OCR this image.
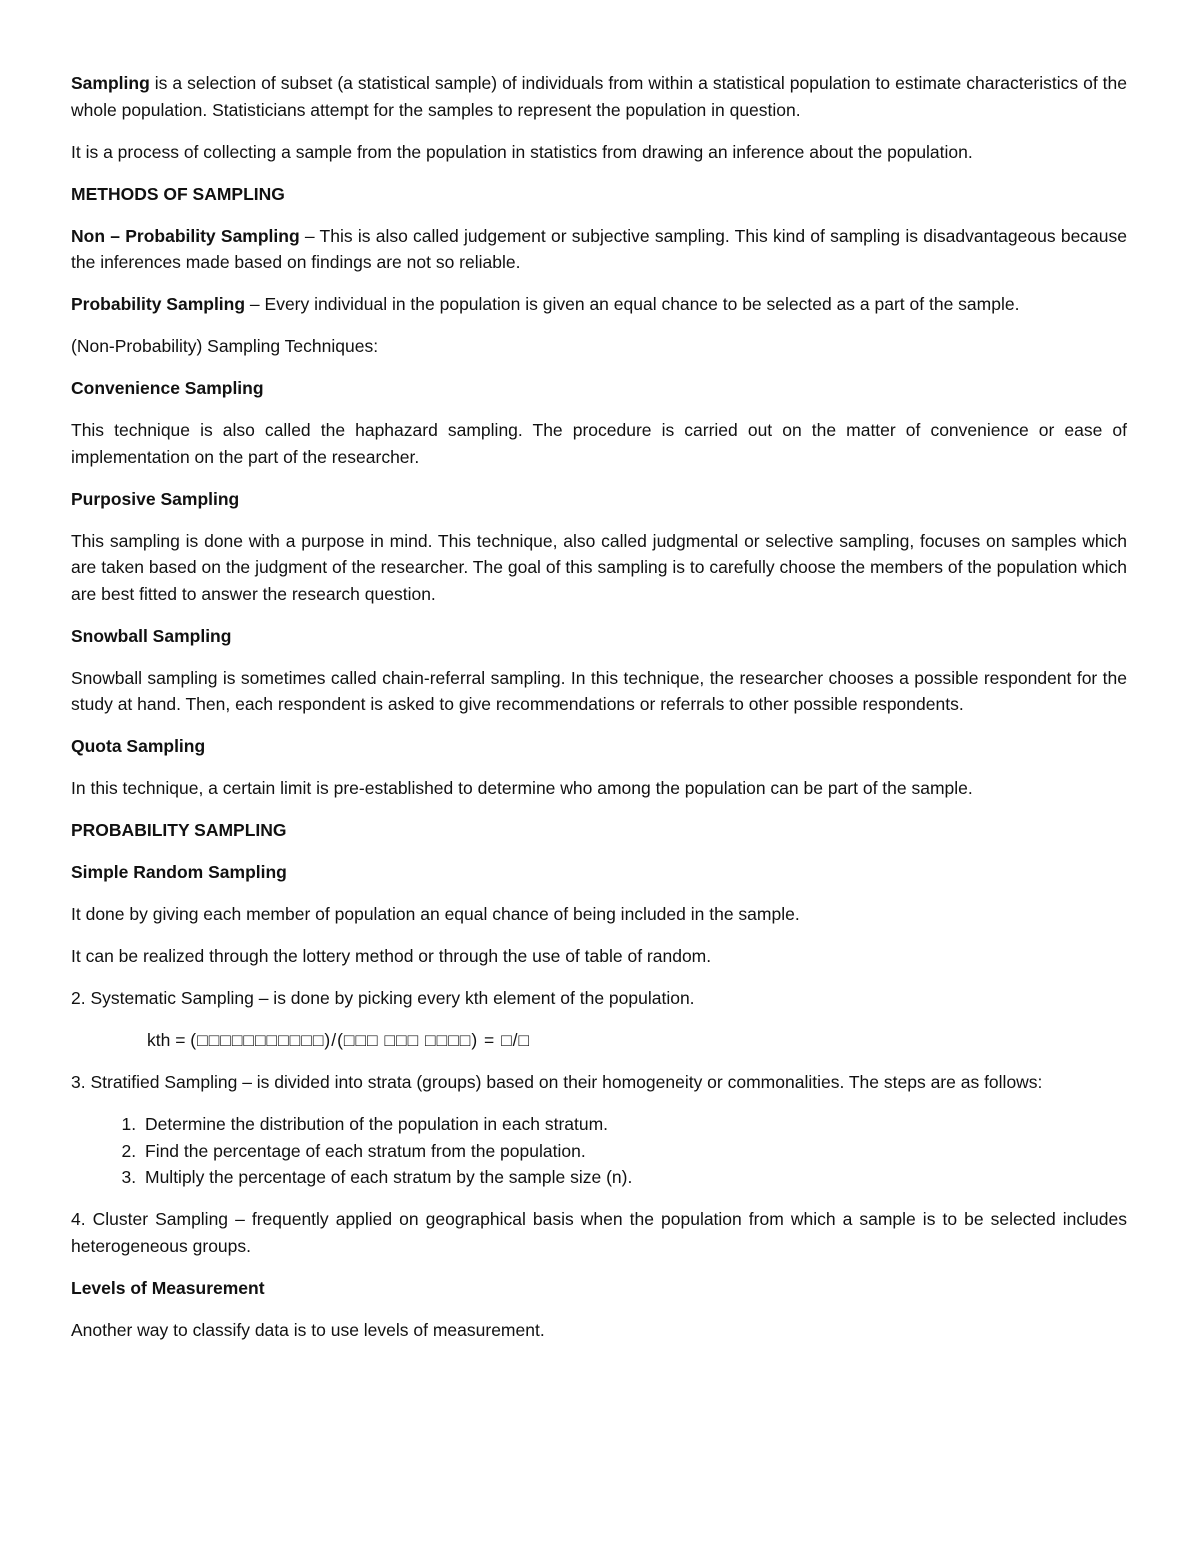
Sampling is a selection of subset (a statistical sample) of individuals from within a statistical population to estimate characteristics of the whole population. Statisticians attempt for the samples to represent the population in question.

It is a process of collecting a sample from the population in statistics from drawing an inference about the population.

METHODS OF SAMPLING

Non – Probability Sampling – This is also called judgement or subjective sampling. This kind of sampling is disadvantageous because the inferences made based on findings are not so reliable.

Probability Sampling – Every individual in the population is given an equal chance to be selected as a part of the sample.

(Non-Probability) Sampling Techniques:

Convenience Sampling

This technique is also called the haphazard sampling. The procedure is carried out on the matter of convenience or ease of implementation on the part of the researcher.

Purposive Sampling

This sampling is done with a purpose in mind. This technique, also called judgmental or selective sampling, focuses on samples which are taken based on the judgment of the researcher. The goal of this sampling is to carefully choose the members of the population which are best fitted to answer the research question.

Snowball Sampling

Snowball sampling is sometimes called chain-referral sampling. In this technique, the researcher chooses a possible respondent for the study at hand. Then, each respondent is asked to give recommendations or referrals to other possible respondents.

Quota Sampling

In this technique, a certain limit is pre-established to determine who among the population can be part of the sample.

PROBABILITY SAMPLING

Simple Random Sampling

It done by giving each member of population an equal chance of being included in the sample.

It can be realized through the lottery method or through the use of table of random.

2. Systematic Sampling – is done by picking every kth element of the population.

kth = (□□□□□□□□□□□)/(□□□ □□□ □□□□) = □/□

3. Stratified Sampling – is divided into strata (groups) based on their homogeneity or commonalities. The steps are as follows:

1. Determine the distribution of the population in each stratum.
2. Find the percentage of each stratum from the population.
3. Multiply the percentage of each stratum by the sample size (n).

4. Cluster Sampling – frequently applied on geographical basis when the population from which a sample is to be selected includes heterogeneous groups.

Levels of Measurement

Another way to classify data is to use levels of measurement.
